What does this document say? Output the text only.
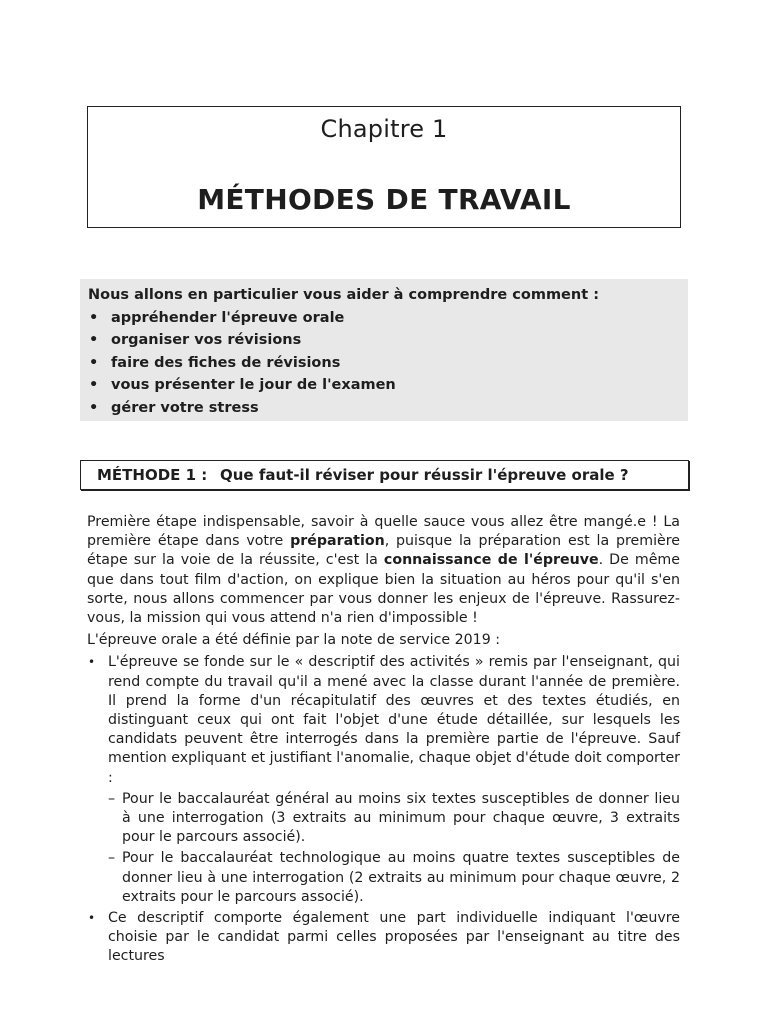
Chapitre 1
MÉTHODES DE TRAVAIL
Nous allons en particulier vous aider à comprendre comment :
• appréhender l'épreuve orale
• organiser vos révisions
• faire des fiches de révisions
• vous présenter le jour de l'examen
• gérer votre stress
MÉTHODE 1 : Que faut-il réviser pour réussir l'épreuve orale ?

Première étape indispensable, savoir à quelle sauce vous allez être mangé.e ! La première étape dans votre préparation, puisque la préparation est la première étape sur la voie de la réussite, c'est la connaissance de l'épreuve. De même que dans tout film d'action, on explique bien la situation au héros pour qu'il s'en sorte, nous allons commencer par vous donner les enjeux de l'épreuve. Rassurez-vous, la mission qui vous attend n'a rien d'impossible !

L'épreuve orale a été définie par la note de service 2019 :

• L'épreuve se fonde sur le « descriptif des activités » remis par l'enseignant, qui rend compte du travail qu'il a mené avec la classe durant l'année de première. Il prend la forme d'un récapitulatif des œuvres et des textes étudiés, en distinguant ceux qui ont fait l'objet d'une étude détaillée, sur lesquels les candidats peuvent être interrogés dans la première partie de l'épreuve. Sauf mention expliquant et justifiant l'anomalie, chaque objet d'étude doit comporter :
– Pour le baccalauréat général au moins six textes susceptibles de donner lieu à une interrogation (3 extraits au minimum pour chaque œuvre, 3 extraits pour le parcours associé).
– Pour le baccalauréat technologique au moins quatre textes susceptibles de donner lieu à une interrogation (2 extraits au minimum pour chaque œuvre, 2 extraits pour le parcours associé).
• Ce descriptif comporte également une part individuelle indiquant l'œuvre choisie par le candidat parmi celles proposées par l'enseignant au titre des lectures
